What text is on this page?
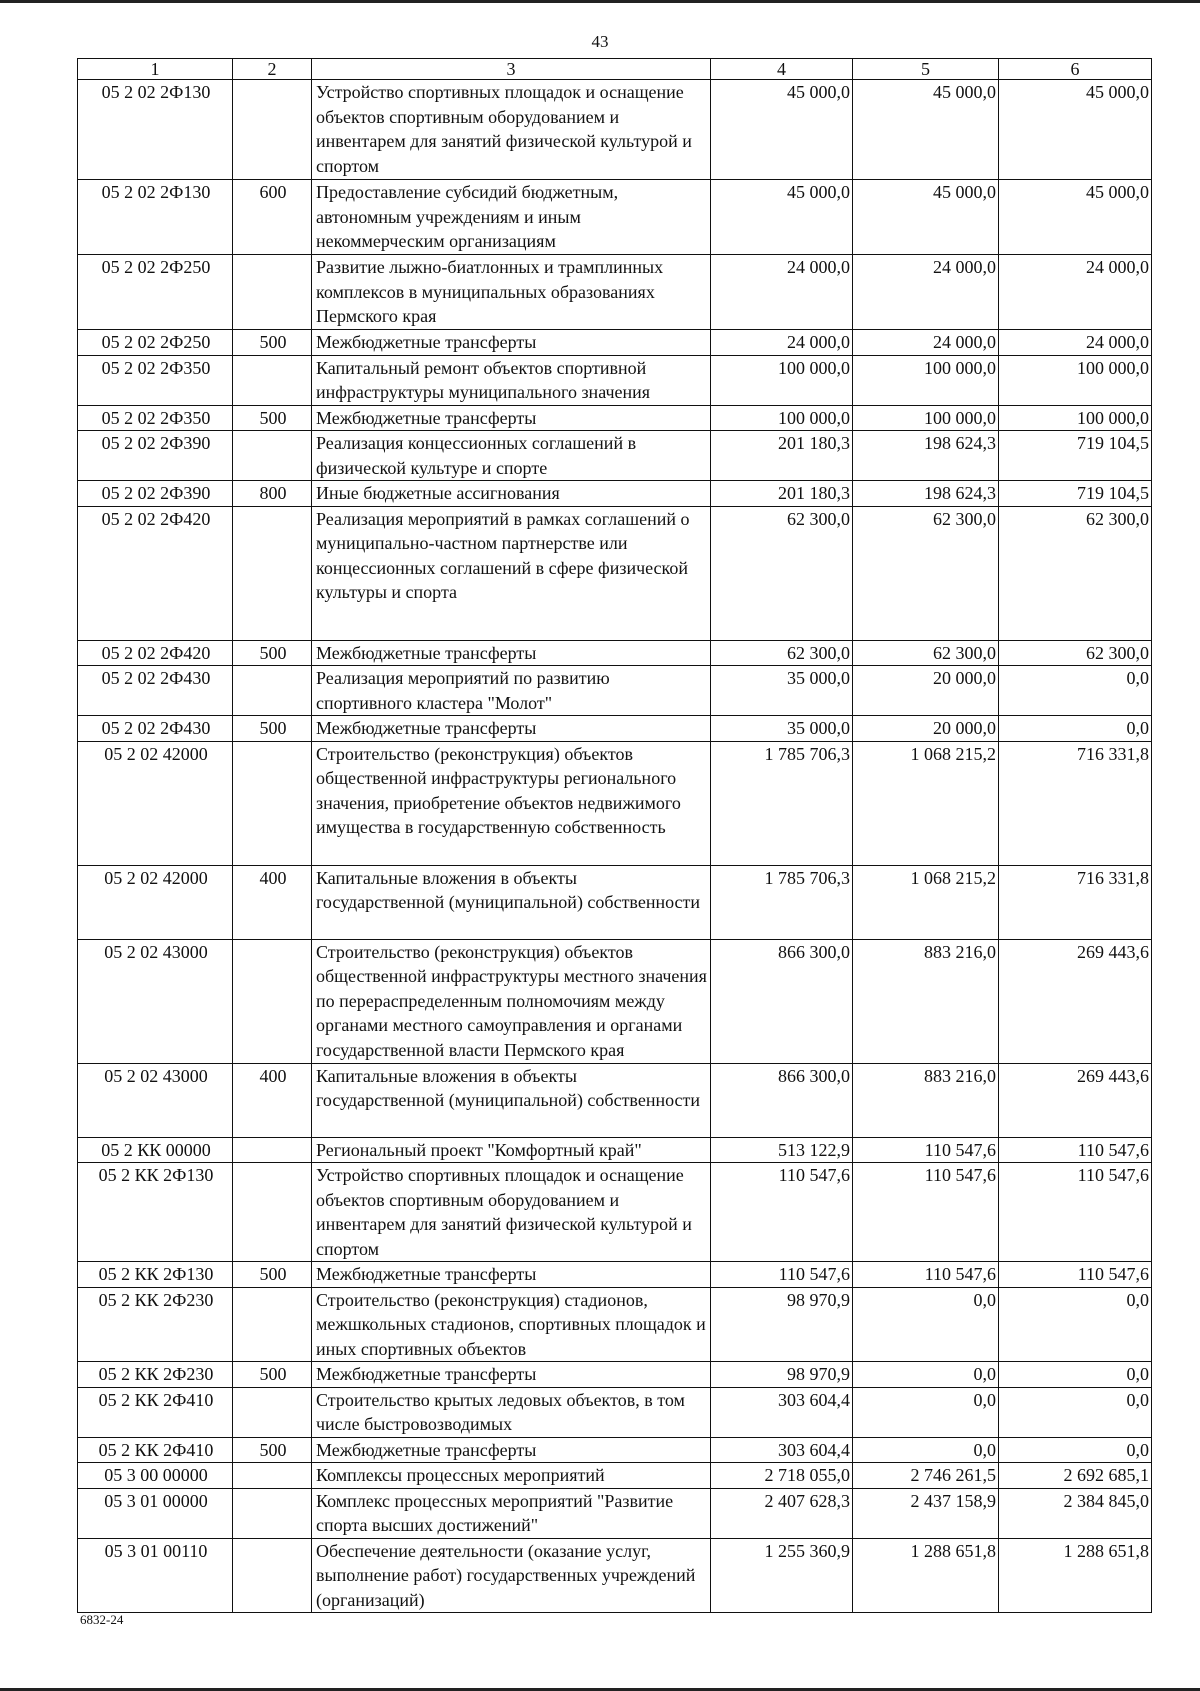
43
1	2	3	4	5	6
05 2 02 2Ф130		Устройство спортивных площадок и оснащение объектов спортивным оборудованием и инвентарем для занятий физической культурой и спортом	45 000,0	45 000,0	45 000,0
05 2 02 2Ф130	600	Предоставление субсидий бюджетным, автономным учреждениям и иным некоммерческим организациям	45 000,0	45 000,0	45 000,0
05 2 02 2Ф250		Развитие лыжно-биатлонных и трамплинных комплексов в муниципальных образованиях Пермского края	24 000,0	24 000,0	24 000,0
05 2 02 2Ф250	500	Межбюджетные трансферты	24 000,0	24 000,0	24 000,0
05 2 02 2Ф350		Капитальный ремонт объектов спортивной инфраструктуры муниципального значения	100 000,0	100 000,0	100 000,0
05 2 02 2Ф350	500	Межбюджетные трансферты	100 000,0	100 000,0	100 000,0
05 2 02 2Ф390		Реализация концессионных соглашений в физической культуре и спорте	201 180,3	198 624,3	719 104,5
05 2 02 2Ф390	800	Иные бюджетные ассигнования	201 180,3	198 624,3	719 104,5
05 2 02 2Ф420		Реализация мероприятий в рамках соглашений о муниципально-частном партнерстве или концессионных соглашений в сфере физической культуры и спорта	62 300,0	62 300,0	62 300,0
05 2 02 2Ф420	500	Межбюджетные трансферты	62 300,0	62 300,0	62 300,0
05 2 02 2Ф430		Реализация мероприятий по развитию спортивного кластера "Молот"	35 000,0	20 000,0	0,0
05 2 02 2Ф430	500	Межбюджетные трансферты	35 000,0	20 000,0	0,0
05 2 02 42000		Строительство (реконструкция) объектов общественной инфраструктуры регионального значения, приобретение объектов недвижимого имущества в государственную собственность	1 785 706,3	1 068 215,2	716 331,8
05 2 02 42000	400	Капитальные вложения в объекты государственной (муниципальной) собственности	1 785 706,3	1 068 215,2	716 331,8
05 2 02 43000		Строительство (реконструкция) объектов общественной инфраструктуры местного значения по перераспределенным полномочиям между органами местного самоуправления и органами государственной власти Пермского края	866 300,0	883 216,0	269 443,6
05 2 02 43000	400	Капитальные вложения в объекты государственной (муниципальной) собственности	866 300,0	883 216,0	269 443,6
05 2 КК 00000		Региональный проект "Комфортный край"	513 122,9	110 547,6	110 547,6
05 2 КК 2Ф130		Устройство спортивных площадок и оснащение объектов спортивным оборудованием и инвентарем для занятий физической культурой и спортом	110 547,6	110 547,6	110 547,6
05 2 КК 2Ф130	500	Межбюджетные трансферты	110 547,6	110 547,6	110 547,6
05 2 КК 2Ф230		Строительство (реконструкция) стадионов, межшкольных стадионов, спортивных площадок и иных спортивных объектов	98 970,9	0,0	0,0
05 2 КК 2Ф230	500	Межбюджетные трансферты	98 970,9	0,0	0,0
05 2 КК 2Ф410		Строительство крытых ледовых объектов, в том числе быстровозводимых	303 604,4	0,0	0,0
05 2 КК 2Ф410	500	Межбюджетные трансферты	303 604,4	0,0	0,0
05 3 00 00000		Комплексы процессных мероприятий	2 718 055,0	2 746 261,5	2 692 685,1
05 3 01 00000		Комплекс процессных мероприятий "Развитие спорта высших достижений"	2 407 628,3	2 437 158,9	2 384 845,0
05 3 01 00110		Обеспечение деятельности (оказание услуг, выполнение работ) государственных учреждений (организаций)	1 255 360,9	1 288 651,8	1 288 651,8
6832-24
